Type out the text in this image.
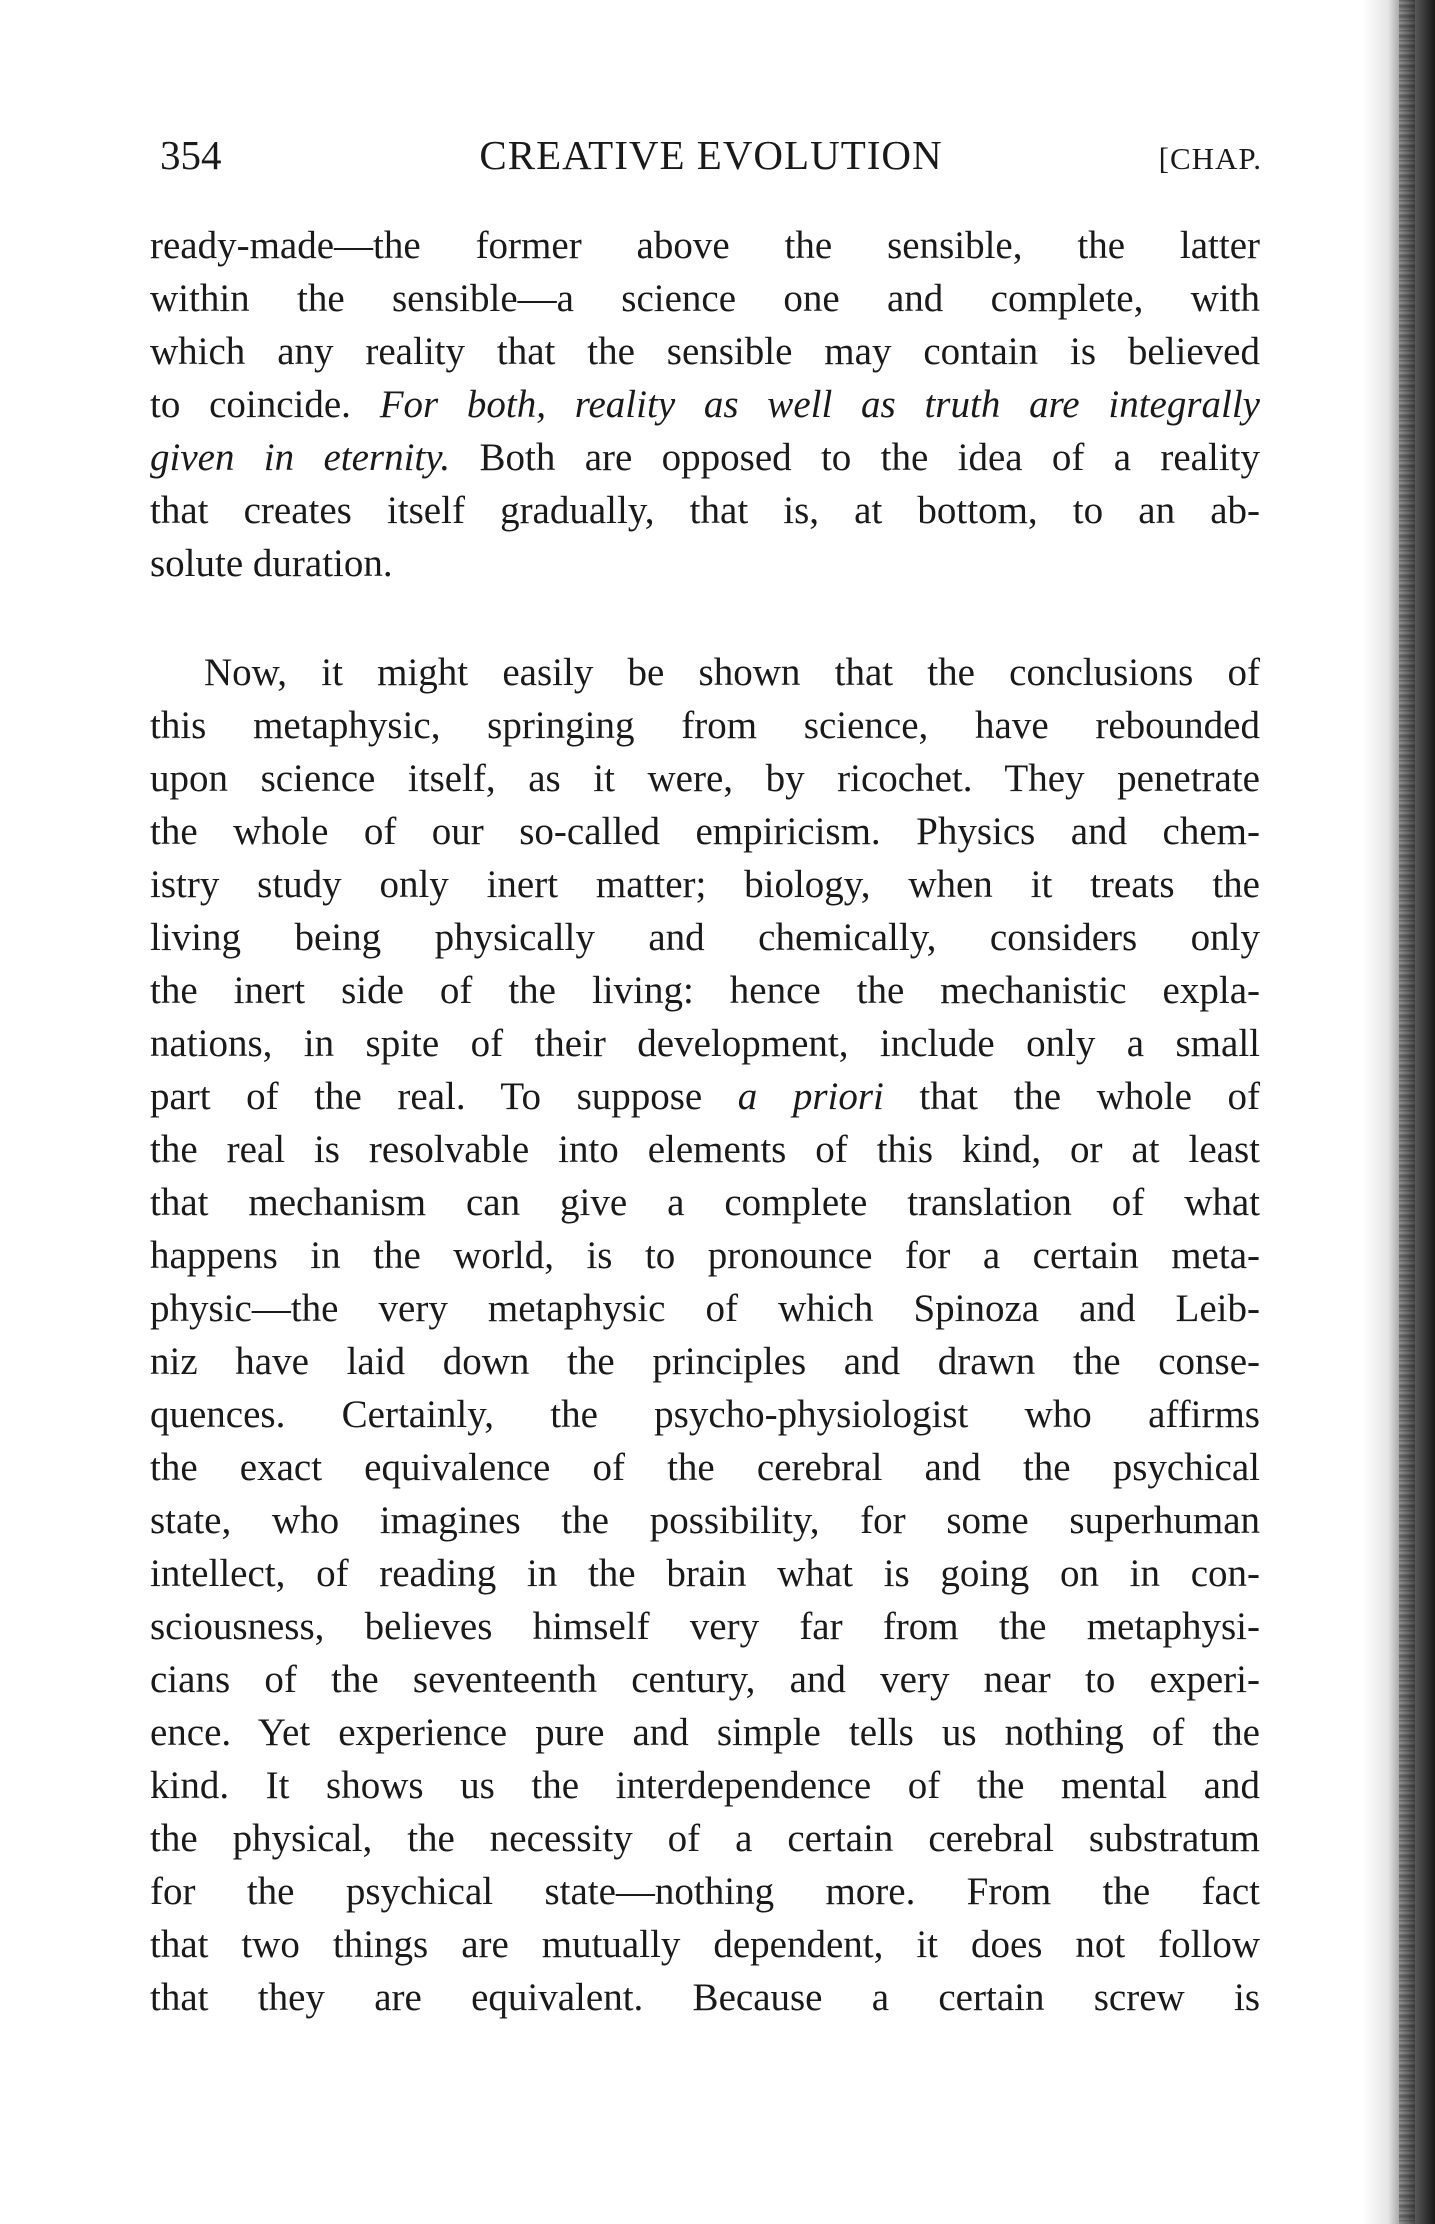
354	CREATIVE EVOLUTION	[CHAP.
ready-made—the former above the sensible, the latter
within the sensible—a science one and complete, with
which any reality that the sensible may contain is believed
to coincide. For both, reality as well as truth are integrally
given in eternity. Both are opposed to the idea of a reality
that creates itself gradually, that is, at bottom, to an ab-
solute duration.
Now, it might easily be shown that the conclusions of
this metaphysic, springing from science, have rebounded
upon science itself, as it were, by ricochet. They penetrate
the whole of our so-called empiricism. Physics and chem-
istry study only inert matter; biology, when it treats the
living being physically and chemically, considers only
the inert side of the living: hence the mechanistic expla-
nations, in spite of their development, include only a small
part of the real. To suppose a priori that the whole of
the real is resolvable into elements of this kind, or at least
that mechanism can give a complete translation of what
happens in the world, is to pronounce for a certain meta-
physic—the very metaphysic of which Spinoza and Leib-
niz have laid down the principles and drawn the conse-
quences. Certainly, the psycho-physiologist who affirms
the exact equivalence of the cerebral and the psychical
state, who imagines the possibility, for some superhuman
intellect, of reading in the brain what is going on in con-
sciousness, believes himself very far from the metaphysi-
cians of the seventeenth century, and very near to experi-
ence. Yet experience pure and simple tells us nothing of the
kind. It shows us the interdependence of the mental and
the physical, the necessity of a certain cerebral substratum
for the psychical state—nothing more. From the fact
that two things are mutually dependent, it does not follow
that they are equivalent. Because a certain screw is
